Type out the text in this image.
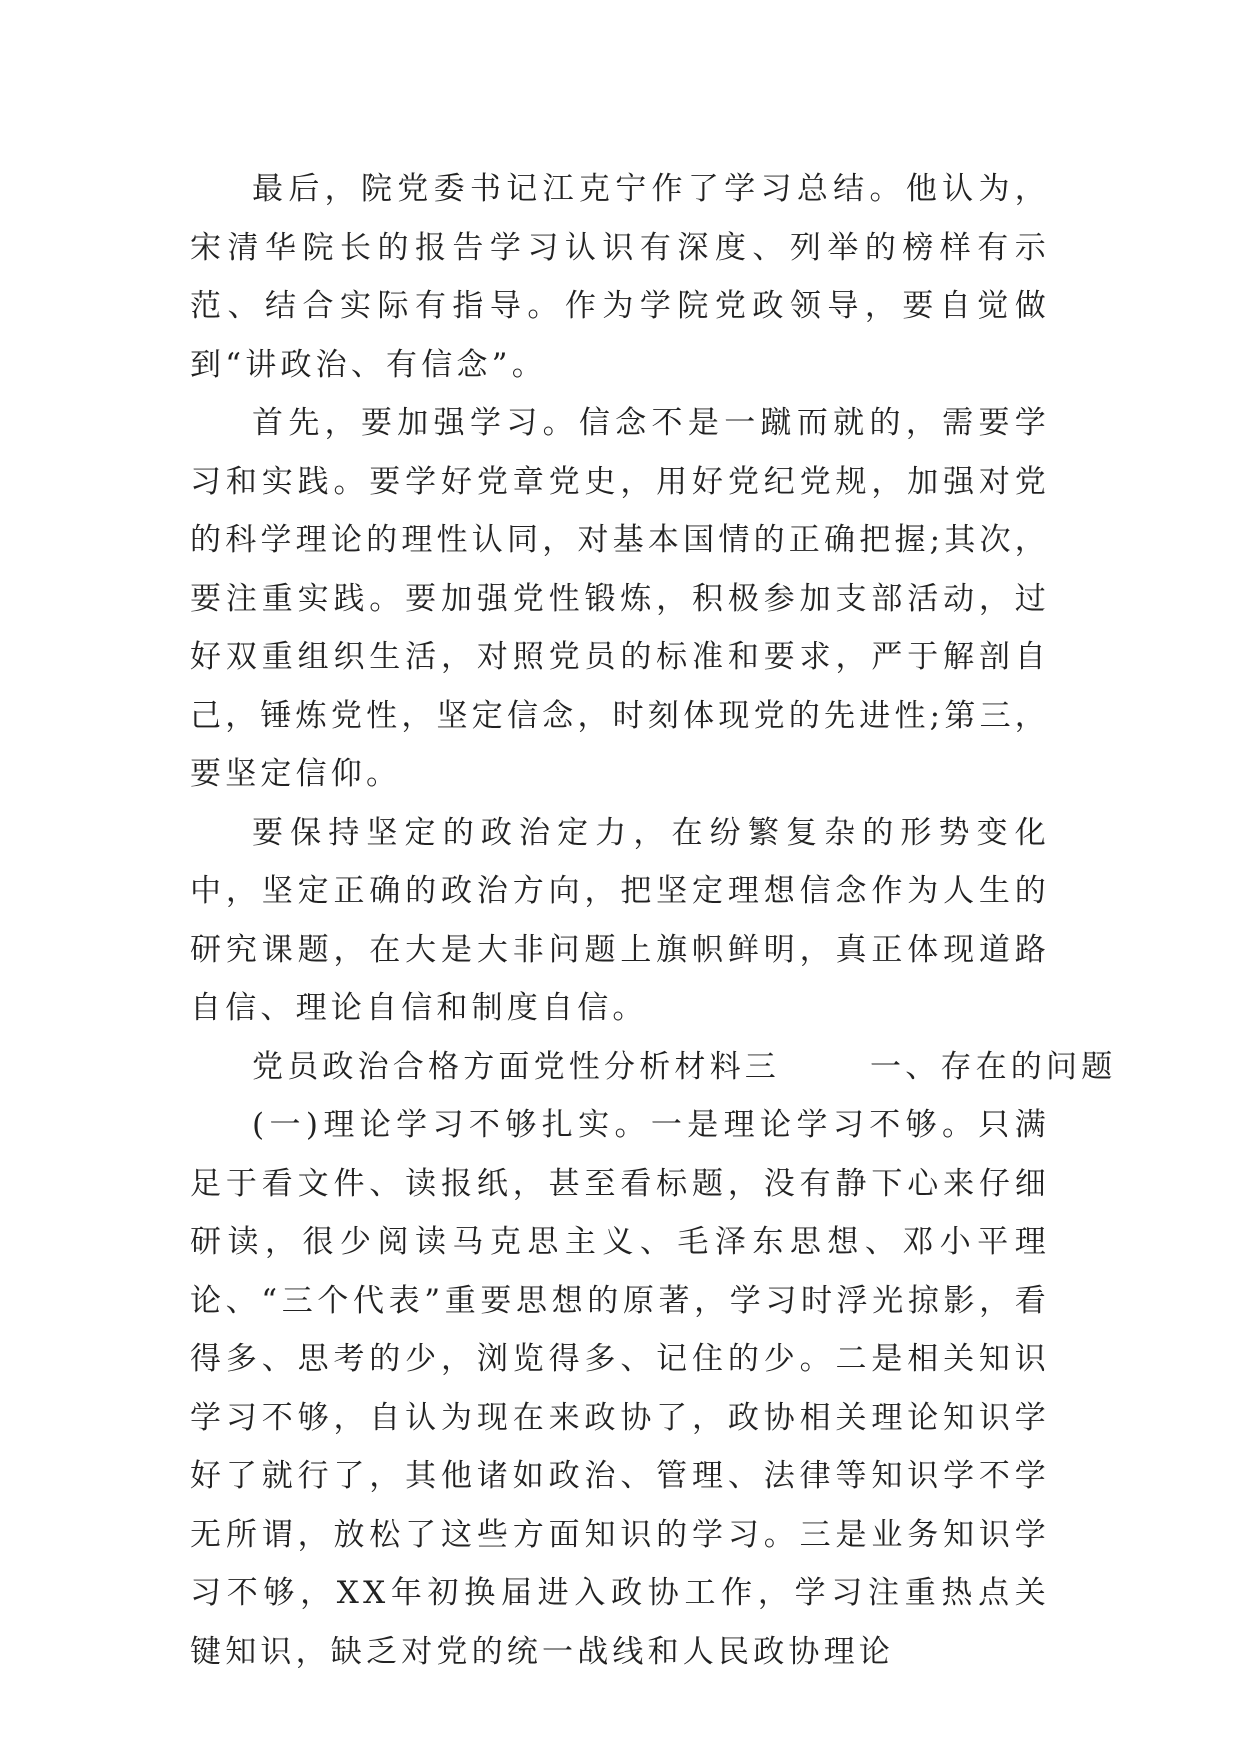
最后，院党委书记江克宁作了学习总结。他认为，宋清华院长的报告学习认识有深度、列举的榜样有示范、结合实际有指导。作为学院党政领导，要自觉做到“讲政治、有信念”。

首先，要加强学习。信念不是一蹴而就的，需要学习和实践。要学好党章党史，用好党纪党规，加强对党的科学理论的理性认同，对基本国情的正确把握;其次，要注重实践。要加强党性锻炼，积极参加支部活动，过好双重组织生活，对照党员的标准和要求，严于解剖自己，锤炼党性，坚定信念，时刻体现党的先进性;第三，要坚定信仰。

要保持坚定的政治定力，在纷繁复杂的形势变化中，坚定正确的政治方向，把坚定理想信念作为人生的研究课题，在大是大非问题上旗帜鲜明，真正体现道路自信、理论自信和制度自信。

党员政治合格方面党性分析材料三	一、存在的问题

(一)理论学习不够扎实。一是理论学习不够。只满足于看文件、读报纸，甚至看标题，没有静下心来仔细研读，很少阅读马克思主义、毛泽东思想、邓小平理论、“三个代表”重要思想的原著，学习时浮光掠影，看得多、思考的少，浏览得多、记住的少。二是相关知识学习不够，自认为现在来政协了，政协相关理论知识学好了就行了，其他诸如政治、管理、法律等知识学不学无所谓，放松了这些方面知识的学习。三是业务知识学习不够，XX年初换届进入政协工作，学习注重热点关键知识，缺乏对党的统一战线和人民政协理论
